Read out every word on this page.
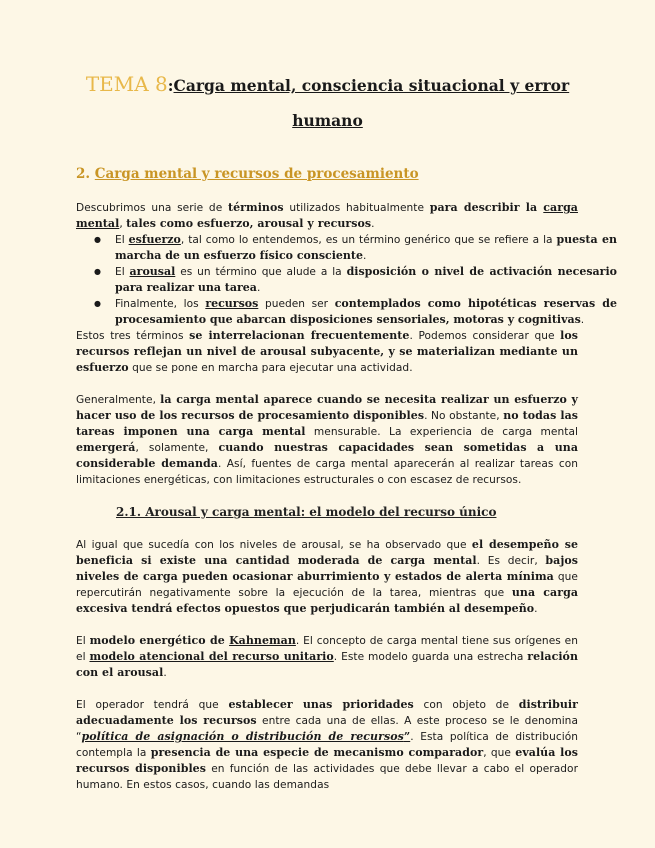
TEMA 8:Carga mental, consciencia situacional y error
humano
2. Carga mental y recursos de procesamiento
Descubrimos una serie de términos utilizados habitualmente para describir la carga mental, tales como esfuerzo, arousal y recursos.
● El esfuerzo, tal como lo entendemos, es un término genérico que se refiere a la puesta en marcha de un esfuerzo físico consciente.
● El arousal es un término que alude a la disposición o nivel de activación necesario para realizar una tarea.
● Finalmente, los recursos pueden ser contemplados como hipotéticas reservas de procesamiento que abarcan disposiciones sensoriales, motoras y cognitivas.
Estos tres términos se interrelacionan frecuentemente. Podemos considerar que los recursos reflejan un nivel de arousal subyacente, y se materializan mediante un esfuerzo que se pone en marcha para ejecutar una actividad.
Generalmente, la carga mental aparece cuando se necesita realizar un esfuerzo y hacer uso de los recursos de procesamiento disponibles. No obstante, no todas las tareas imponen una carga mental mensurable. La experiencia de carga mental emergerá, solamente, cuando nuestras capacidades sean sometidas a una considerable demanda. Así, fuentes de carga mental aparecerán al realizar tareas con limitaciones energéticas, con limitaciones estructurales o con escasez de recursos.
2.1. Arousal y carga mental: el modelo del recurso único
Al igual que sucedía con los niveles de arousal, se ha observado que el desempeño se beneficia si existe una cantidad moderada de carga mental. Es decir, bajos niveles de carga pueden ocasionar aburrimiento y estados de alerta mínima que repercutirán negativamente sobre la ejecución de la tarea, mientras que una carga excesiva tendrá efectos opuestos que perjudicarán también al desempeño.
El modelo energético de Kahneman. El concepto de carga mental tiene sus orígenes en el modelo atencional del recurso unitario. Este modelo guarda una estrecha relación con el arousal.
El operador tendrá que establecer unas prioridades con objeto de distribuir adecuadamente los recursos entre cada una de ellas. A este proceso se le denomina “política de asignación o distribución de recursos”. Esta política de distribución contempla la presencia de una especie de mecanismo comparador, que evalúa los recursos disponibles en función de las actividades que debe llevar a cabo el operador humano. En estos casos, cuando las demandas
